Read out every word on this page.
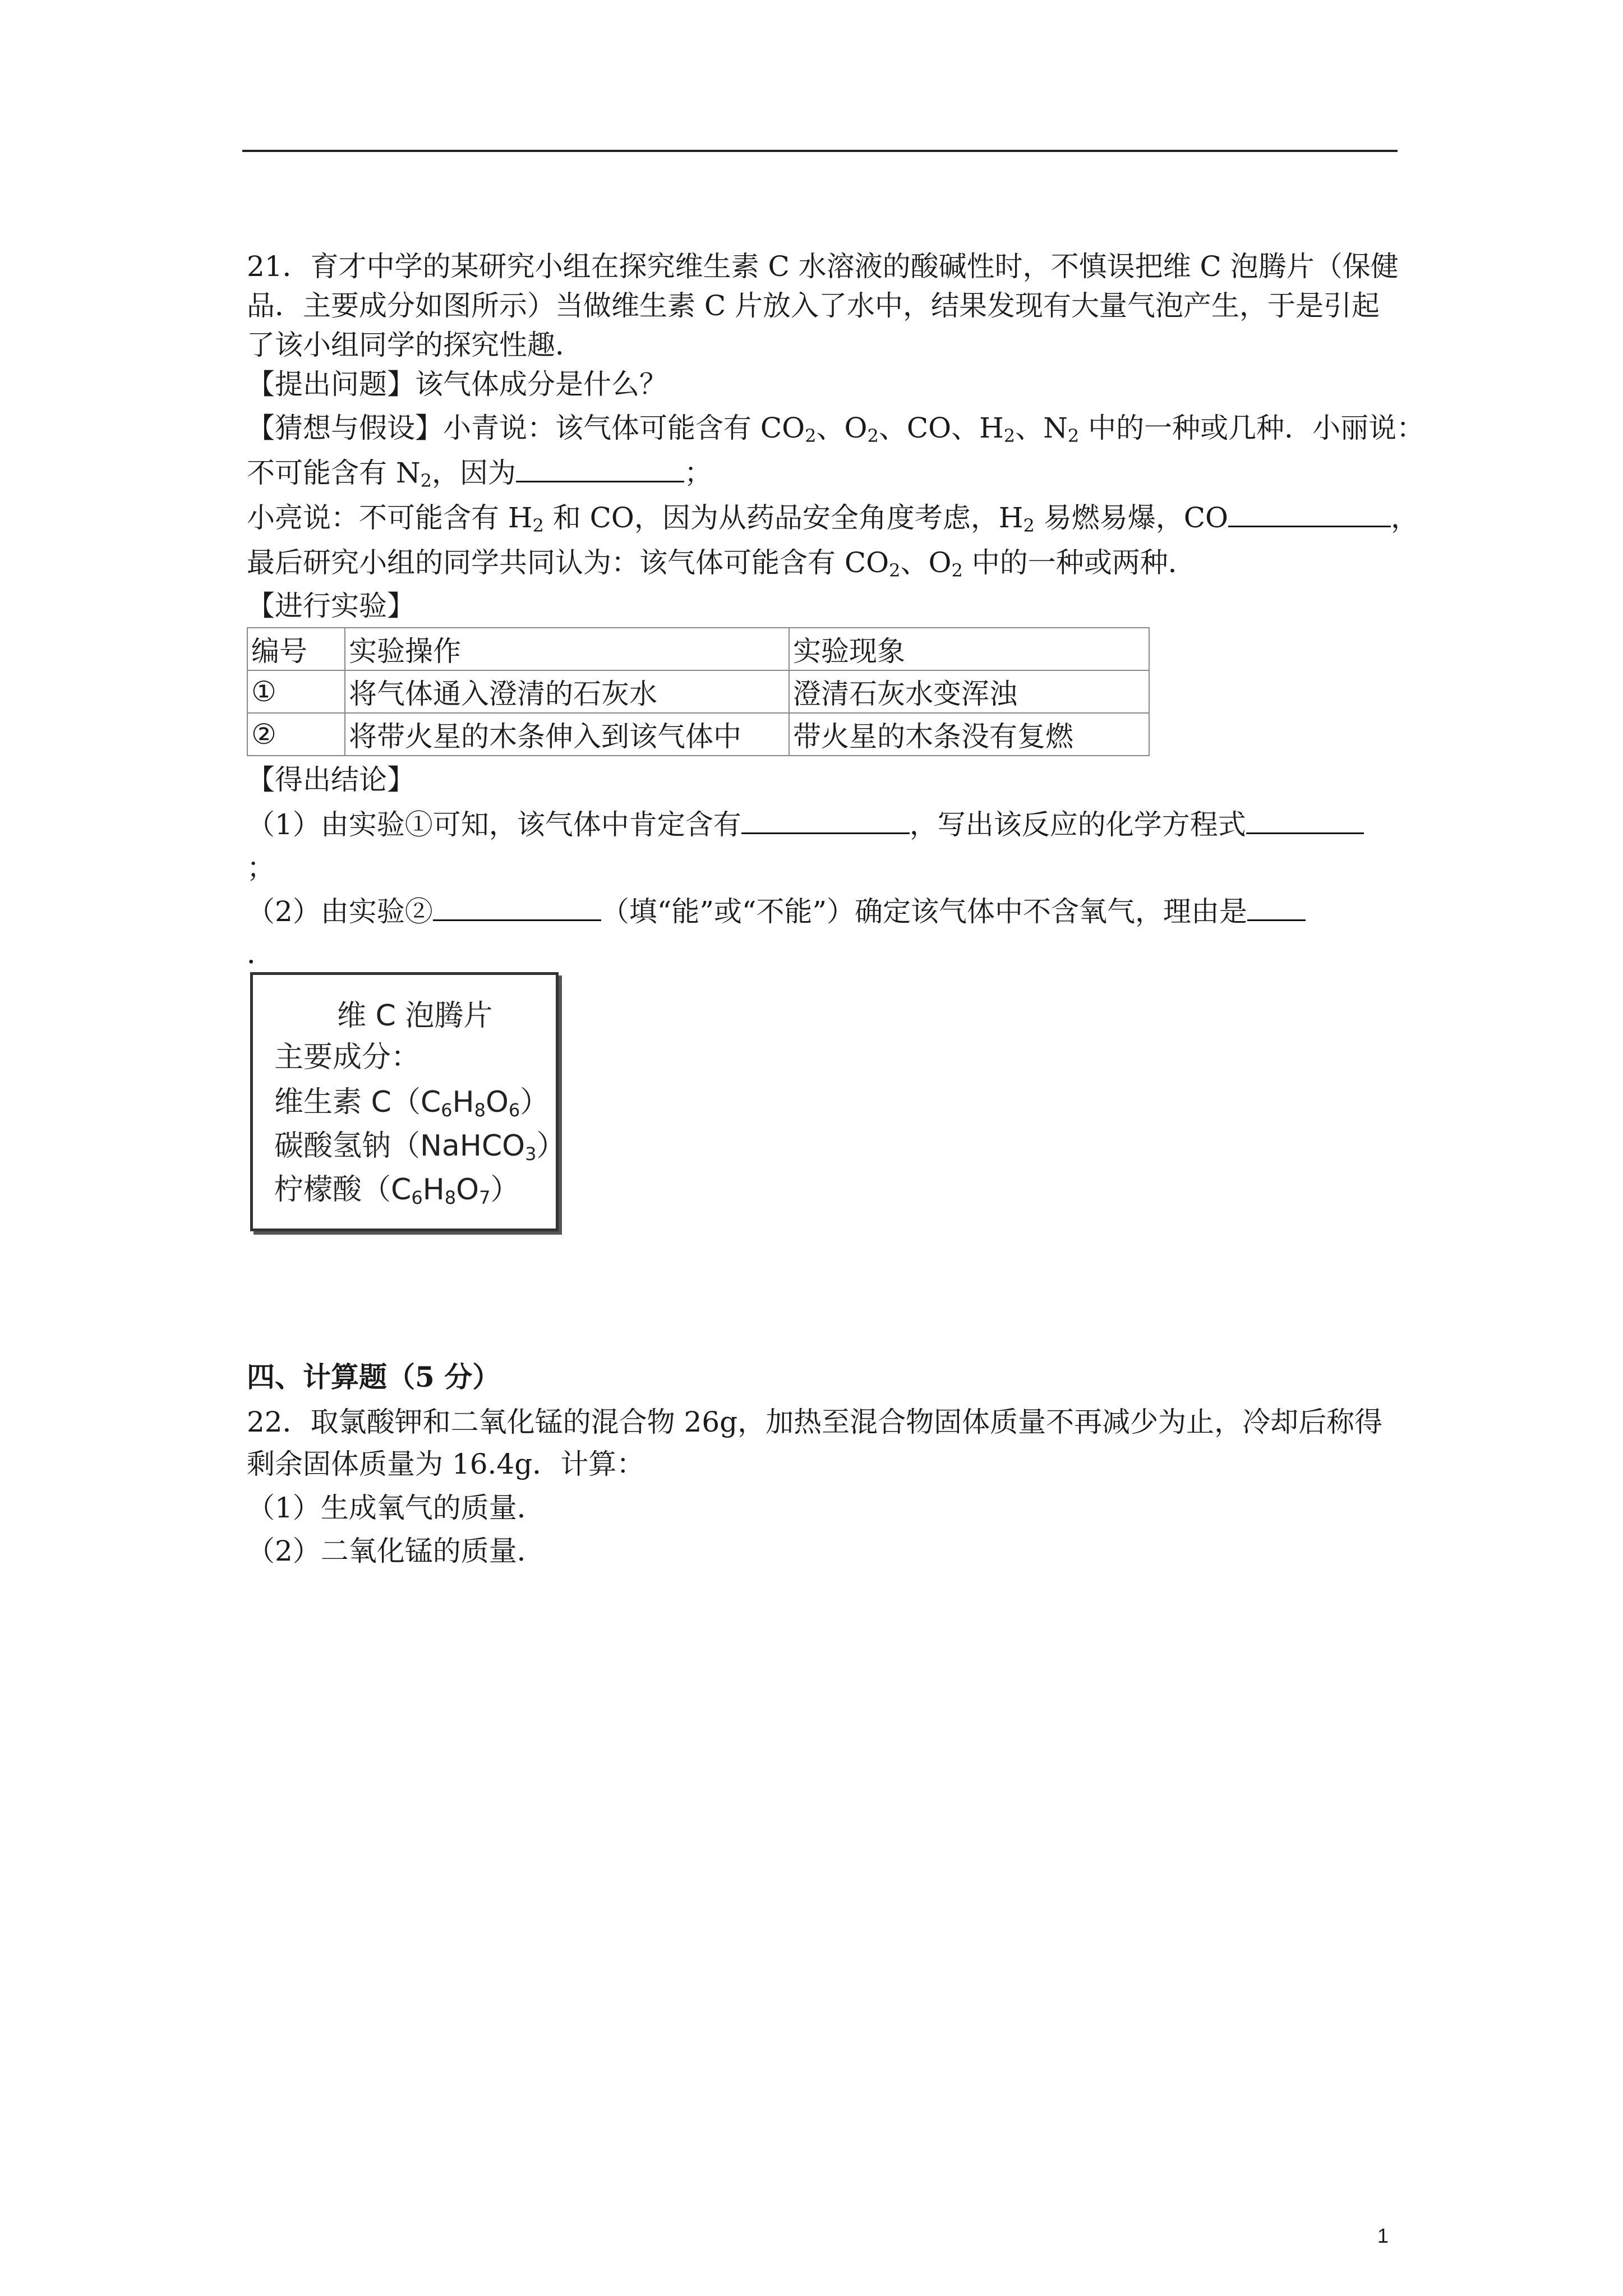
21．育才中学的某研究小组在探究维生素 C 水溶液的酸碱性时，不慎误把维 C 泡腾片（保健

品．主要成分如图所示）当做维生素 C 片放入了水中，结果发现有大量气泡产生，于是引起

了该小组同学的探究性趣．

【提出问题】该气体成分是什么？

【猜想与假设】小青说：该气体可能含有 $CO_2$、$O_2$、CO、$H_2$、$N_2$ 中的一种或几种．小丽说：

不可能含有 $N_2$，因为	；

小亮说：不可能含有 $H_2$ 和 CO，因为从药品安全角度考虑，$H_2$ 易燃易爆，CO	，

最后研究小组的同学共同认为：该气体可能含有 $CO_2$、$O_2$ 中的一种或两种．

【进行实验】

编号	实验操作	实验现象
①	将气体通入澄清的石灰水	澄清石灰水变浑浊
②	将带火星的木条伸入到该气体中	带火星的木条没有复燃

【得出结论】

（1）由实验①可知，该气体中肯定含有	，写出该反应的化学方程式

；

（2）由实验②	（填“能”或“不能”）确定该气体中不含氧气，理由是

．

维 C 泡腾片
主要成分：
维生素 $C(C_6H_8O_6)$
碳酸氢钠（NaHCO$_3$）
柠檬酸$(C_6H_8O_7)$

四、计算题（5 分）

22．取氯酸钾和二氧化锰的混合物 26g，加热至混合物固体质量不再减少为止，冷却后称得

剩余固体质量为 16.4g．计算：

（1）生成氧气的质量．

（2）二氧化锰的质量．

1
